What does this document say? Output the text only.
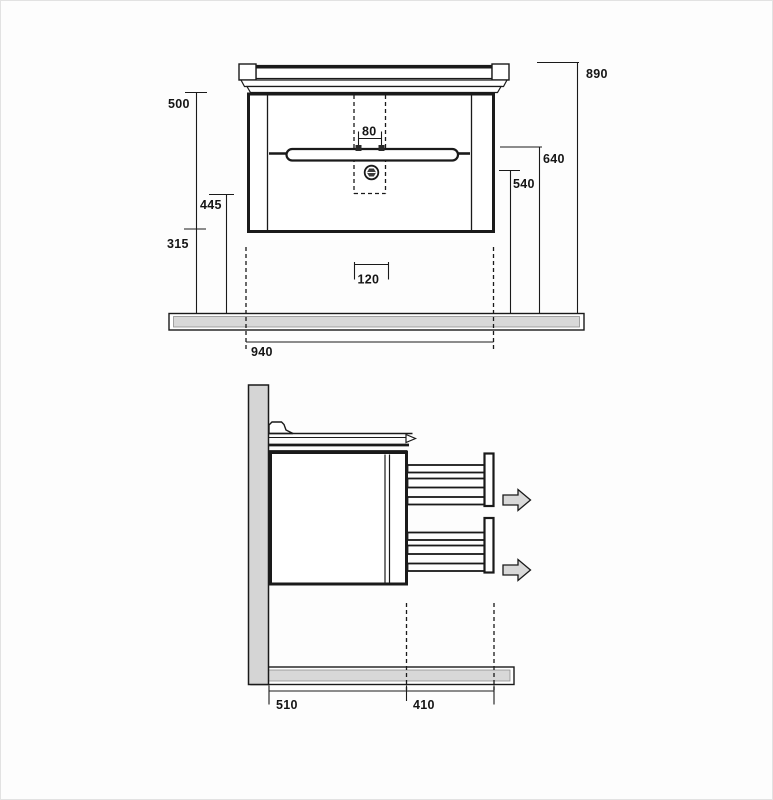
80
120
500
445
315
890
640
540
940
510	410
